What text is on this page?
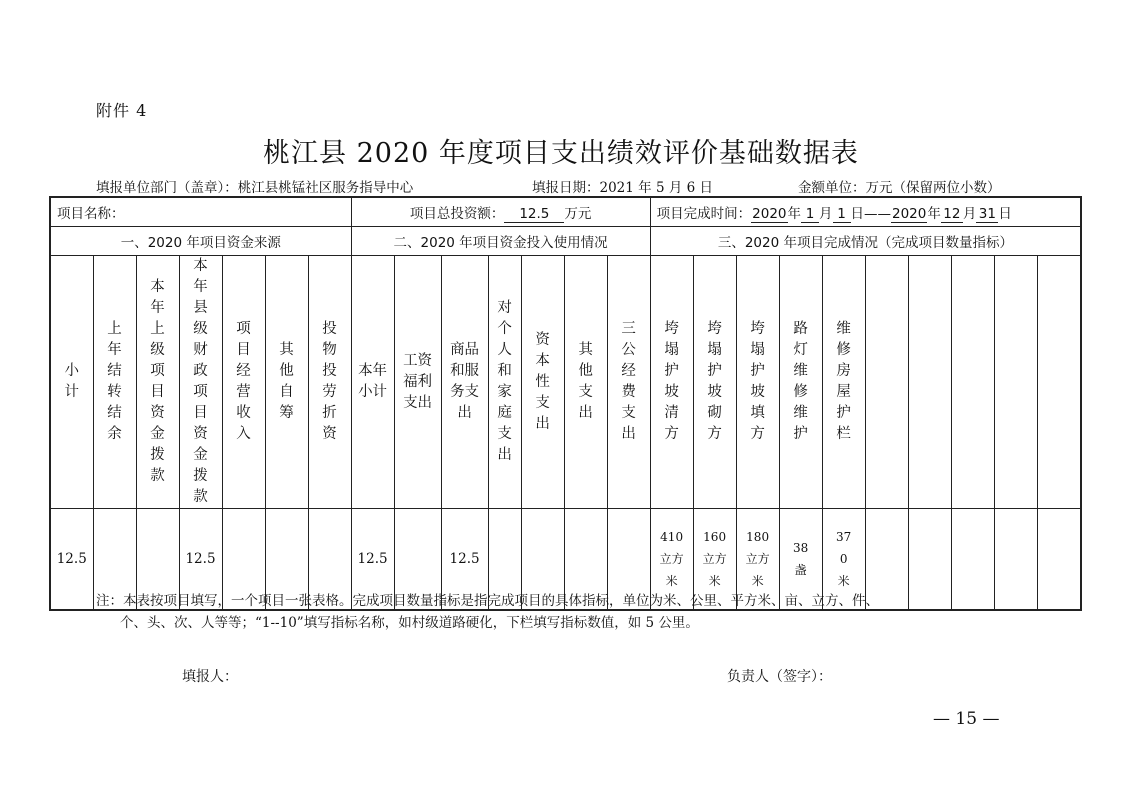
附件 4
桃江县 2020 年度项目支出绩效评价基础数据表
填报单位部门（盖章）：桃江县桃锰社区服务指导中心	填报日期：2021 年 5 月 6 日	金额单位：万元（保留两位小数）
项目名称：							项目总投资额： 12.5 万元							项目完成时间：2020年 1 月 1 日——2020年 12 月 31 日									
一、2020 年项目资金来源							二、2020 年项目资金投入使用情况							三、2020 年项目完成情况（完成项目数量指标）									
小计	上年结转结余	本年上级项目资金拨款	本年县级财政项目资金拨款	项目经营收入	其他自筹	投物投劳折资	本年小计	工资福利支出	商品和服务支出	对个人和家庭支出	资本性支出	其他支出	三公经费支出	垮塌护坡清方	垮塌护坡砌方	垮塌护坡填方	路灯维修维护	维修房屋护栏					
12.5			12.5				12.5		12.5					410 立方米	160 立方米	180 立方米	38 盏	370 米					
注：本表按项目填写，一个项目一张表格。完成项目数量指标是指完成项目的具体指标，单位为米、公里、平方米、亩、立方、件、
个、头、次、人等等；“1--10”填写指标名称，如村级道路硬化，下栏填写指标数值，如 5 公里。
填报人：	负责人（签字）：
— 15 —
